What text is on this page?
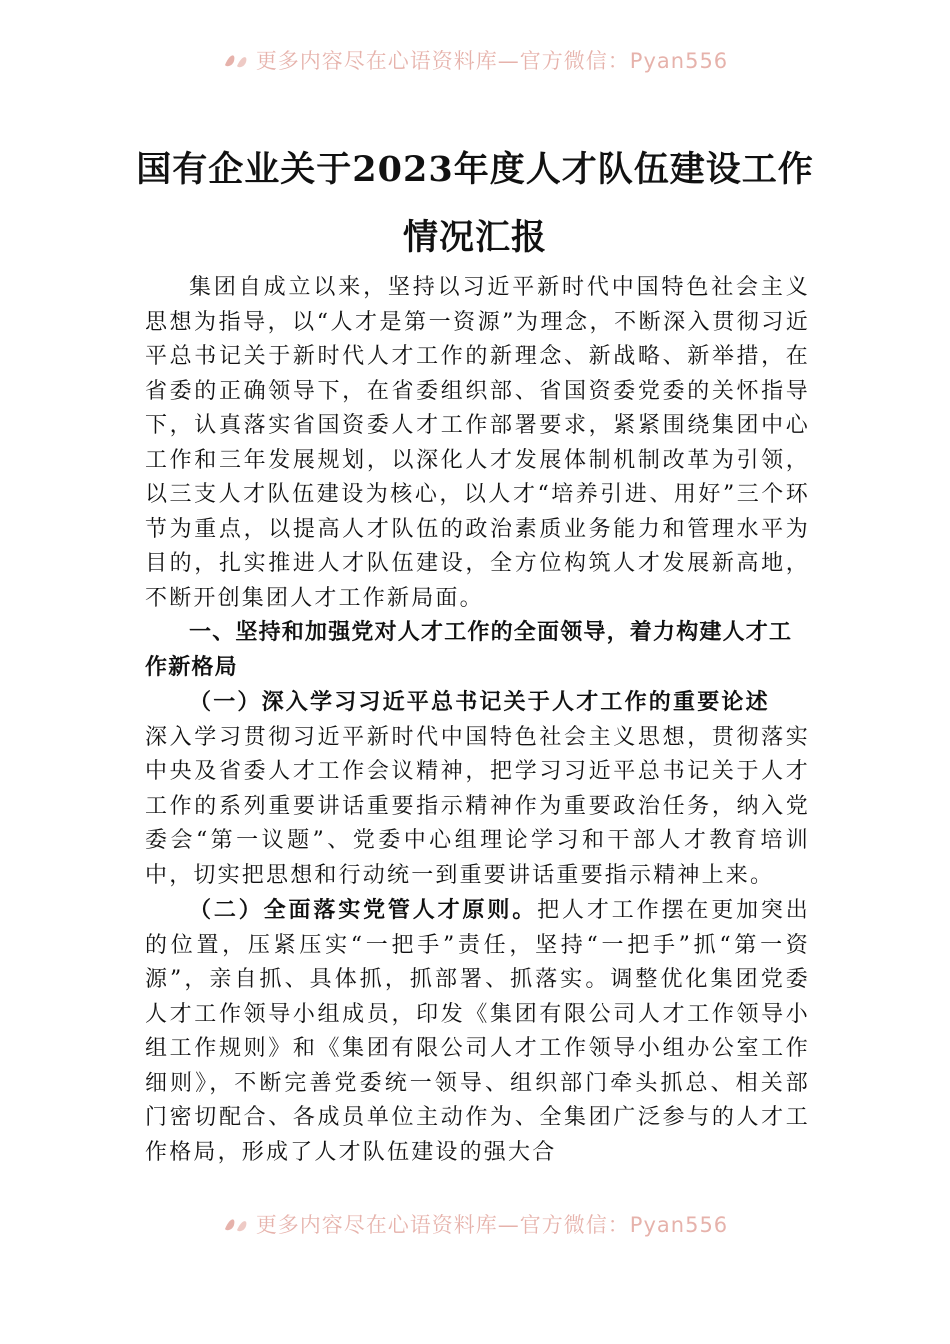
更多内容尽在心语资料库—官方微信：Pyan556
国有企业关于2023年度人才队伍建设工作
情况汇报

集团自成立以来，坚持以习近平新时代中国特色社会主义思想为指导，以“人才是第一资源”为理念，不断深入贯彻习近平总书记关于新时代人才工作的新理念、新战略、新举措，在省委的正确领导下，在省委组织部、省国资委党委的关怀指导下，认真落实省国资委人才工作部署要求，紧紧围绕集团中心工作和三年发展规划，以深化人才发展体制机制改革为引领，以三支人才队伍建设为核心，以人才“培养引进、用好”三个环节为重点，以提高人才队伍的政治素质业务能力和管理水平为目的，扎实推进人才队伍建设，全方位构筑人才发展新高地，不断开创集团人才工作新局面。

一、坚持和加强党对人才工作的全面领导，着力构建人才工作新格局

（一）深入学习习近平总书记关于人才工作的重要论述

深入学习贯彻习近平新时代中国特色社会主义思想，贯彻落实中央及省委人才工作会议精神，把学习习近平总书记关于人才工作的系列重要讲话重要指示精神作为重要政治任务，纳入党委会“第一议题”、党委中心组理论学习和干部人才教育培训中，切实把思想和行动统一到重要讲话重要指示精神上来。

（二）全面落实党管人才原则。把人才工作摆在更加突出的位置，压紧压实“一把手”责任，坚持“一把手”抓“第一资源”，亲自抓、具体抓，抓部署、抓落实。调整优化集团党委人才工作领导小组成员，印发《集团有限公司人才工作领导小组工作规则》和《集团有限公司人才工作领导小组办公室工作细则》，不断完善党委统一领导、组织部门牵头抓总、相关部门密切配合、各成员单位主动作为、全集团广泛参与的人才工作格局，形成了人才队伍建设的强大合

更多内容尽在心语资料库—官方微信：Pyan556
